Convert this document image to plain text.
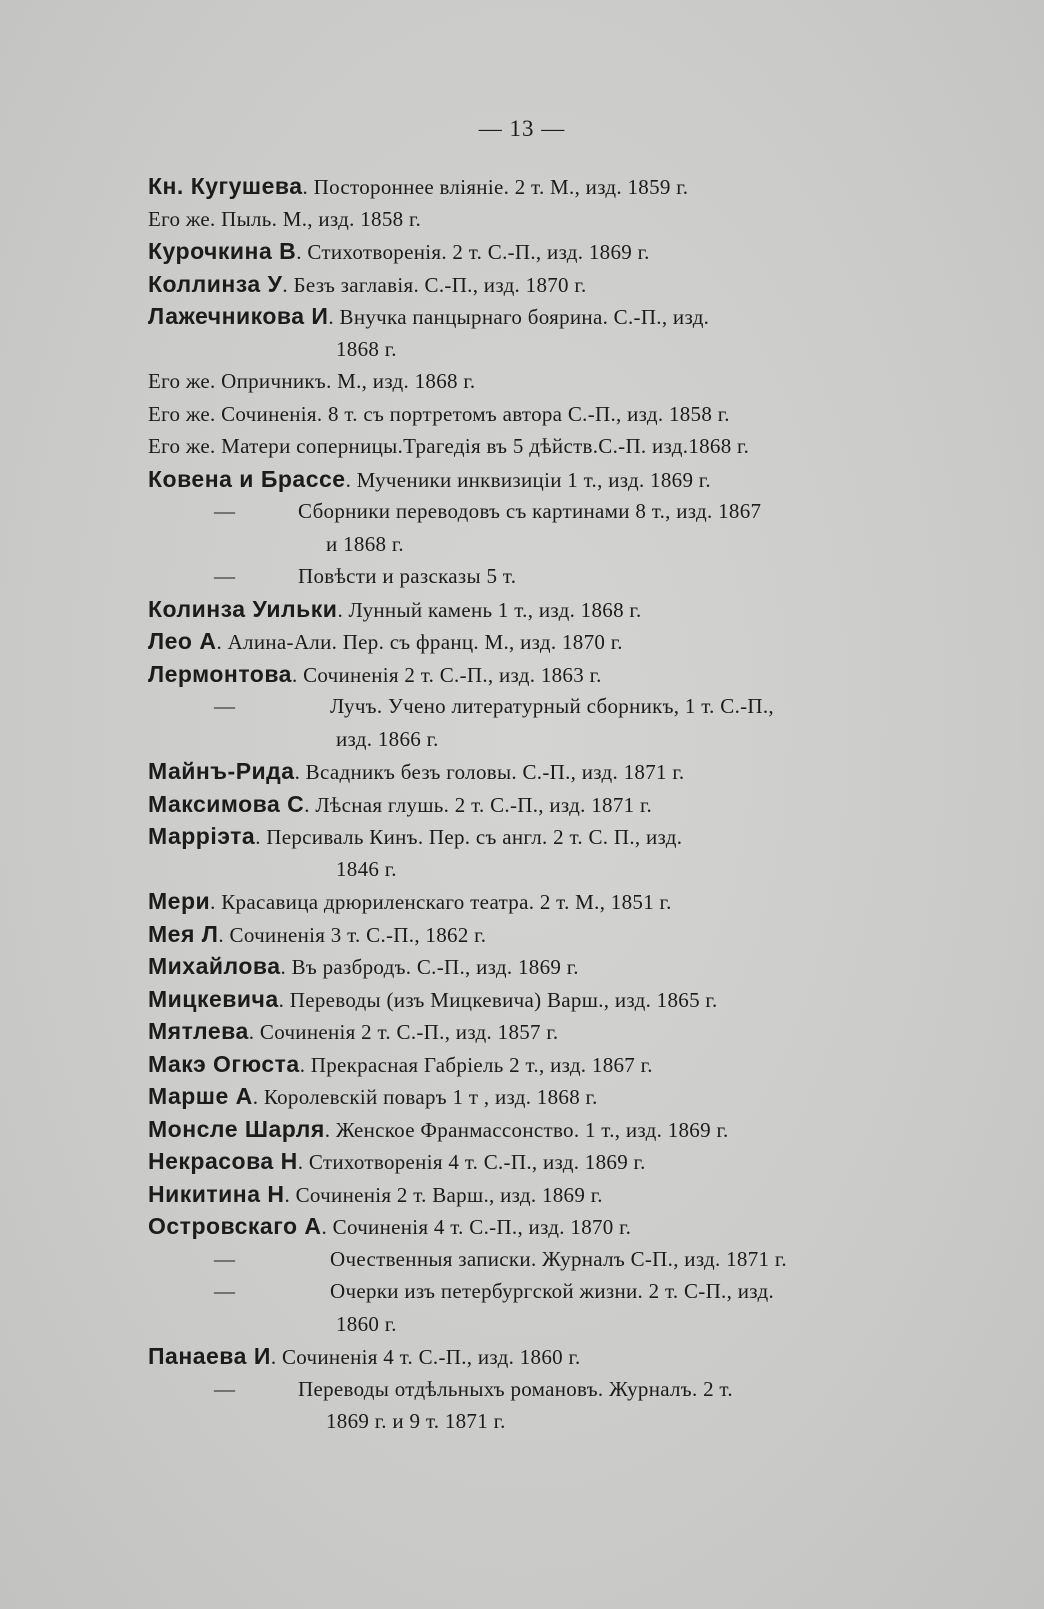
— 13 —
Кн. Кугушева. Постороннее вліяніе. 2 т. М., изд. 1859 г.
Его же. Пыль. М., изд. 1858 г.
Курочкина В. Стихотворенія. 2 т. С.-П., изд. 1869 г.
Коллинза У. Безъ заглавія. С.-П., изд. 1870 г.
Лажечникова И. Внучка панцырнаго боярина. С.-П., изд.
1868 г.
Его же. Опричникъ. М., изд. 1868 г.
Его же. Сочиненія. 8 т. съ портретомъ автора С.-П., изд. 1858 г.
Его же. Матери соперницы.Трагедія въ 5 дѣйств.С.-П. изд.1868 г.
Ковена и Брассе. Мученики инквизиціи 1 т., изд. 1869 г.
—	Сборники переводовъ съ картинами 8 т., изд. 1867
и 1868 г.
—	Повѣсти и разсказы 5 т.
Колинза Уильки. Лунный камень 1 т., изд. 1868 г.
Лео А. Алина-Али. Пер. съ франц. М., изд. 1870 г.
Лермонтова. Сочиненія 2 т. С.-П., изд. 1863 г.
—	Лучъ. Учено литературный сборникъ, 1 т. С.-П.,
изд. 1866 г.
Майнъ-Рида. Всадникъ безъ головы. С.-П., изд. 1871 г.
Максимова С. Лѣсная глушь. 2 т. С.-П., изд. 1871 г.
Марріэта. Персиваль Кинъ. Пер. съ англ. 2 т. С. П., изд.
1846 г.
Мери. Красавица дрюриленскаго театра. 2 т. М., 1851 г.
Мея Л. Сочиненія 3 т. С.-П., 1862 г.
Михайлова. Въ разбродъ. С.-П., изд. 1869 г.
Мицкевича. Переводы (изъ Мицкевича) Варш., изд. 1865 г.
Мятлева. Сочиненія 2 т. С.-П., изд. 1857 г.
Макэ Огюста. Прекрасная Габріель 2 т., изд. 1867 г.
Марше А. Королевскій поваръ 1 т , изд. 1868 г.
Монсле Шарля. Женское Франмассонство. 1 т., изд. 1869 г.
Некрасова Н. Стихотворенія 4 т. С.-П., изд. 1869 г.
Никитина Н. Сочиненія 2 т. Варш., изд. 1869 г.
Островскаго А. Сочиненія 4 т. С.-П., изд. 1870 г.
—	Очественныя записки. Журналъ С-П., изд. 1871 г.
—	Очерки изъ петербургской жизни. 2 т. С-П., изд.
1860 г.
Панаева И. Сочиненія 4 т. С.-П., изд. 1860 г.
—	Переводы отдѣльныхъ романовъ. Журналъ. 2 т.
1869 г. и 9 т. 1871 г.
